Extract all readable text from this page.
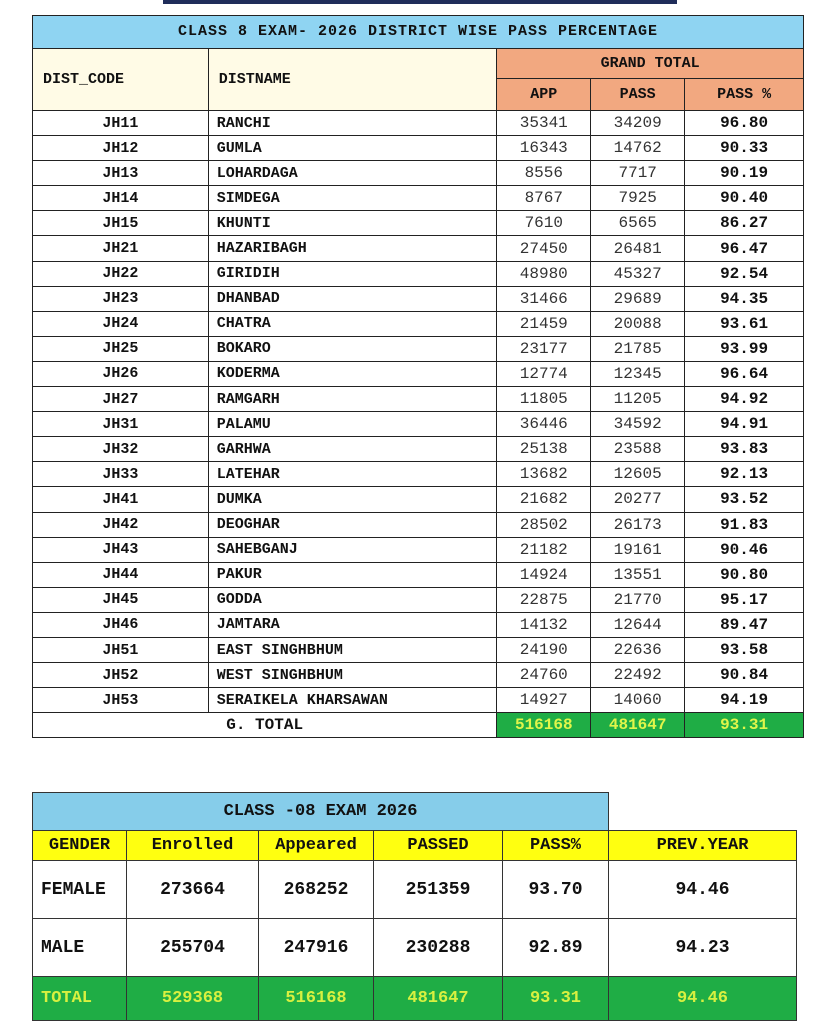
CLASS 8 EXAM- 2026 DISTRICT WISE PASS PERCENTAGE				
DIST_CODE	DISTNAME	GRAND TOTAL		
		APP	PASS	PASS %
JH11	RANCHI	35341	34209	96.80
JH12	GUMLA	16343	14762	90.33
JH13	LOHARDAGA	8556	7717	90.19
JH14	SIMDEGA	8767	7925	90.40
JH15	KHUNTI	7610	6565	86.27
JH21	HAZARIBAGH	27450	26481	96.47
JH22	GIRIDIH	48980	45327	92.54
JH23	DHANBAD	31466	29689	94.35
JH24	CHATRA	21459	20088	93.61
JH25	BOKARO	23177	21785	93.99
JH26	KODERMA	12774	12345	96.64
JH27	RAMGARH	11805	11205	94.92
JH31	PALAMU	36446	34592	94.91
JH32	GARHWA	25138	23588	93.83
JH33	LATEHAR	13682	12605	92.13
JH41	DUMKA	21682	20277	93.52
JH42	DEOGHAR	28502	26173	91.83
JH43	SAHEBGANJ	21182	19161	90.46
JH44	PAKUR	14924	13551	90.80
JH45	GODDA	22875	21770	95.17
JH46	JAMTARA	14132	12644	89.47
JH51	EAST SINGHBHUM	24190	22636	93.58
JH52	WEST SINGHBHUM	24760	22492	90.84
JH53	SERAIKELA KHARSAWAN	14927	14060	94.19
G. TOTAL		516168	481647	93.31
CLASS -08 EXAM 2026					
GENDER	Enrolled	Appeared	PASSED	PASS%	PREV.YEAR
FEMALE	273664	268252	251359	93.70	94.46
MALE	255704	247916	230288	92.89	94.23
TOTAL	529368	516168	481647	93.31	94.46
